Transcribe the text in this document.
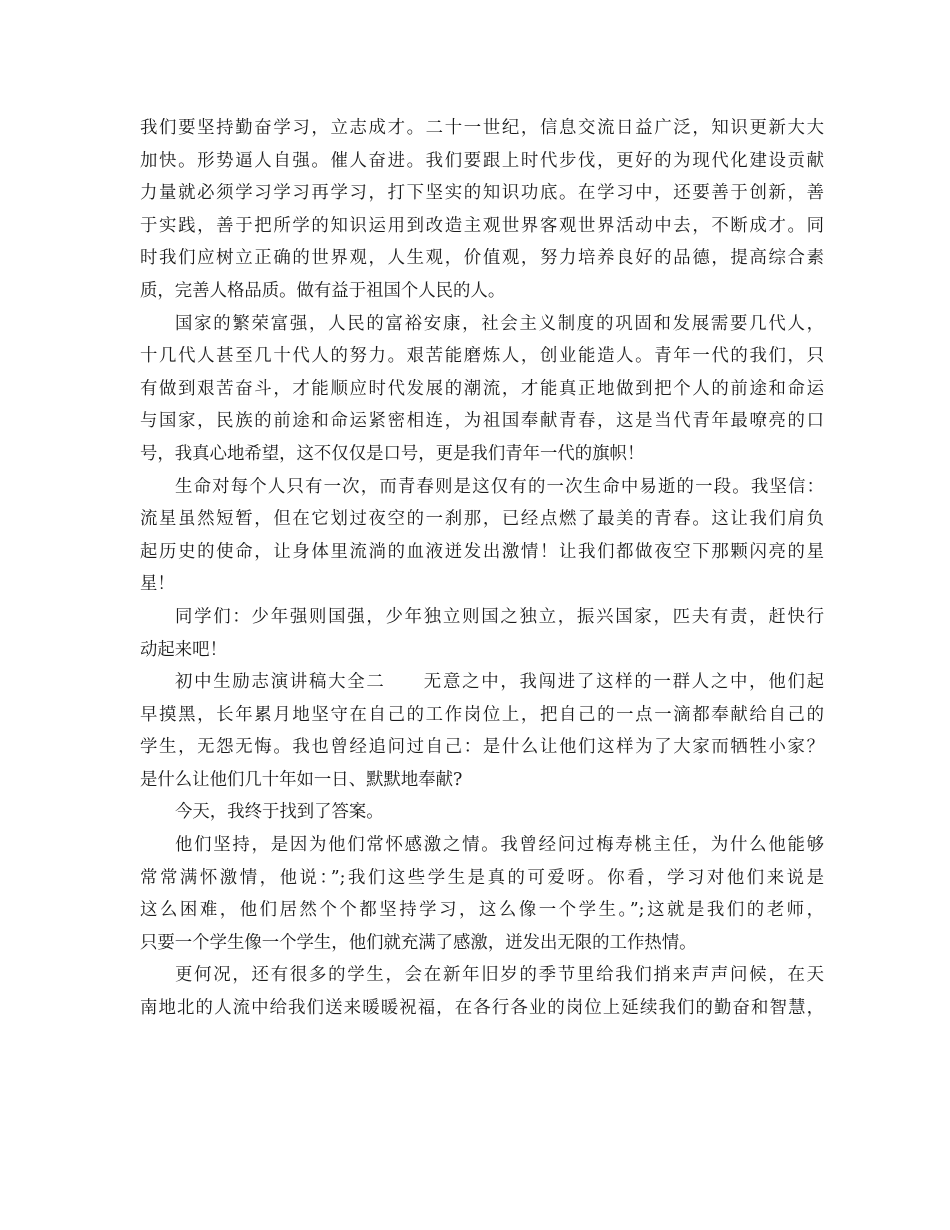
我们要坚持勤奋学习，立志成才。二十一世纪，信息交流日益广泛，知识更新大大
加快。形势逼人自强。催人奋进。我们要跟上时代步伐，更好的为现代化建设贡献
力量就必须学习学习再学习，打下坚实的知识功底。在学习中，还要善于创新，善
于实践，善于把所学的知识运用到改造主观世界客观世界活动中去，不断成才。同
时我们应树立正确的世界观，人生观，价值观，努力培养良好的品德，提高综合素
质，完善人格品质。做有益于祖国个人民的人。
国家的繁荣富强，人民的富裕安康，社会主义制度的巩固和发展需要几代人，
十几代人甚至几十代人的努力。艰苦能磨炼人，创业能造人。青年一代的我们，只
有做到艰苦奋斗，才能顺应时代发展的潮流，才能真正地做到把个人的前途和命运
与国家，民族的前途和命运紧密相连，为祖国奉献青春，这是当代青年最嘹亮的口
号，我真心地希望，这不仅仅是口号，更是我们青年一代的旗帜！
生命对每个人只有一次，而青春则是这仅有的一次生命中易逝的一段。我坚信：
流星虽然短暂，但在它划过夜空的一刹那，已经点燃了最美的青春。这让我们肩负
起历史的使命，让身体里流淌的血液迸发出激情！让我们都做夜空下那颗闪亮的星
星！
同学们：少年强则国强，少年独立则国之独立，振兴国家，匹夫有责，赶快行
动起来吧！
初中生励志演讲稿大全二　　无意之中，我闯进了这样的一群人之中，他们起
早摸黑，长年累月地坚守在自己的工作岗位上，把自己的一点一滴都奉献给自己的
学生，无怨无悔。我也曾经追问过自己：是什么让他们这样为了大家而牺牲小家？
是什么让他们几十年如一日、默默地奉献?
今天，我终于找到了答案。
他们坚持，是因为他们常怀感激之情。我曾经问过梅寿桃主任，为什么他能够
常常满怀激情，他说：”;我们这些学生是真的可爱呀。你看，学习对他们来说是
这么困难，他们居然个个都坚持学习，这么像一个学生。”;这就是我们的老师，
只要一个学生像一个学生，他们就充满了感激，迸发出无限的工作热情。
更何况，还有很多的学生，会在新年旧岁的季节里给我们捎来声声问候，在天
南地北的人流中给我们送来暖暖祝福，在各行各业的岗位上延续我们的勤奋和智慧，
